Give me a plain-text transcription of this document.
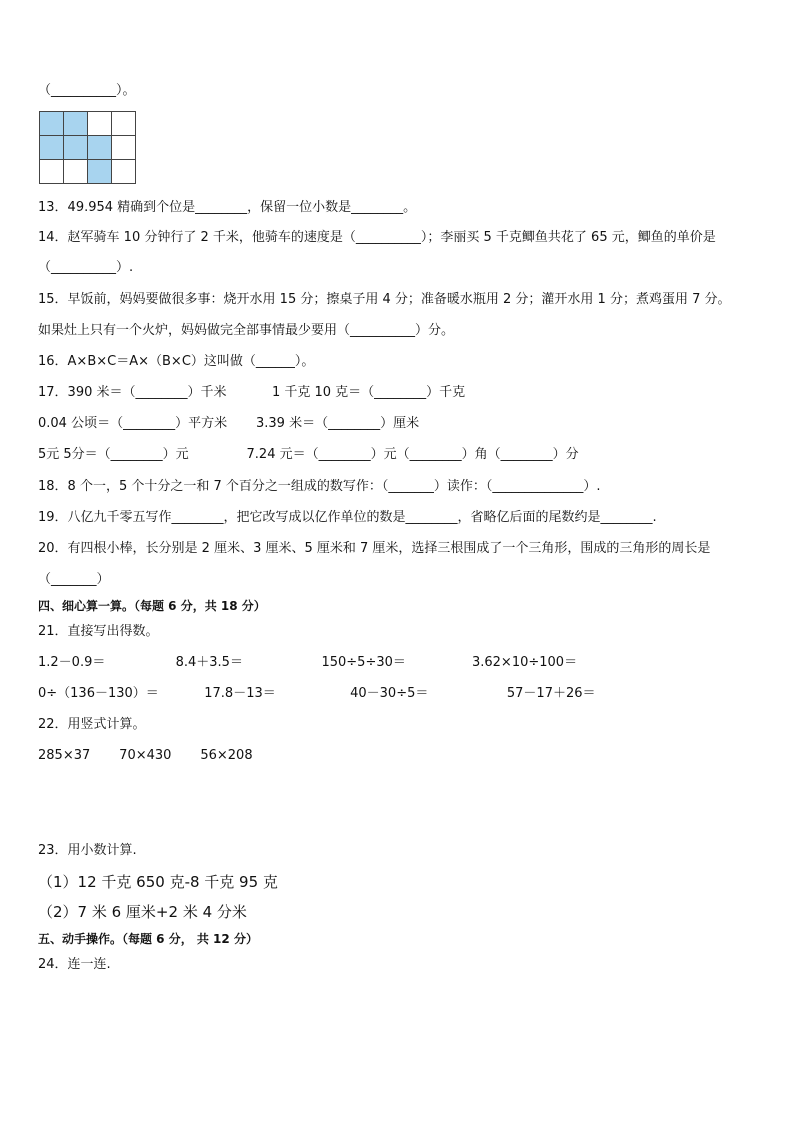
（__________）。
13．49.954 精确到个位是________，保留一位小数是________。
14．赵军骑车 10 分钟行了 2 千米，他骑车的速度是（__________）；李丽买 5 千克鲫鱼共花了 65 元，鲫鱼的单价是
（__________）.
15．早饭前，妈妈要做很多事：烧开水用 15 分；擦桌子用 4 分；准备暖水瓶用 2 分；灌开水用 1 分；煮鸡蛋用 7 分。
如果灶上只有一个火炉，妈妈做完全部事情最少要用（__________）分。
16．A×B×C＝A×（B×C）这叫做（______）。
17．390 米＝（________）千米           1 千克 10 克＝（________）千克
0.04 公顷＝（________）平方米       3.39 米＝（________）厘米
5元 5分＝（________）元              7.24 元＝（________）元（________）角（________）分
18．8 个一，5 个十分之一和 7 个百分之一组成的数写作：（_______）读作：（______________）.
19．八亿九千零五写作________，把它改写成以亿作单位的数是________，省略亿后面的尾数约是________.
20．有四根小棒，长分别是 2 厘米、3 厘米、5 厘米和 7 厘米，选择三根围成了一个三角形，围成的三角形的周长是
（_______）
四、细心算一算。（每题 6 分，共 18 分）
21．直接写出得数。
1.2－0.9＝                 8.4＋3.5＝                   150÷5÷30＝                3.62×10÷100＝
0÷（136－130）＝           17.8－13＝                  40－30÷5＝                   57－17＋26＝
22．用竖式计算。
285×37       70×430       56×208
23．用小数计算.
（1）12 千克 650 克-8 千克 95 克
（2）7 米 6 厘米+2 米 4 分米
五、动手操作。（每题 6 分， 共 12 分）
24．连一连.
